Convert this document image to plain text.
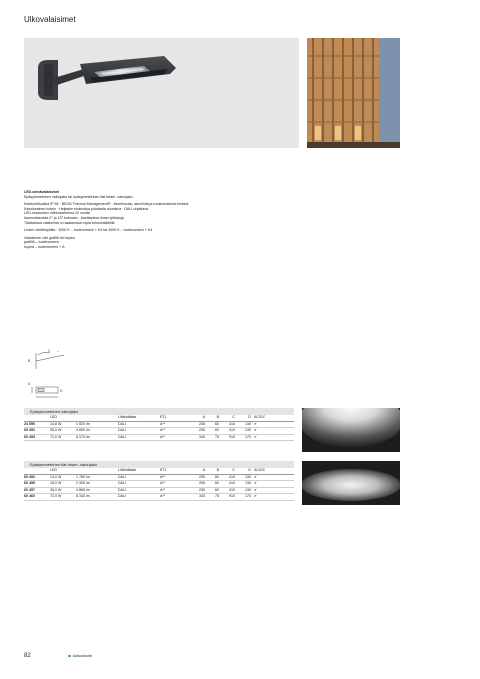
Ulkovalaisimet

LED-seinävalaisimet

Epäsymmetrinen valonjako tai epäsymmetrinen flat beam -valonjako

Kotelointiluokka IP 66 · BEGA Thermal Management® · Alumiinivalu, alumiinia ja ruostumatonta terästä

Kaksiosainen kotelo · Heijastin eloksoitua puhdasta alumiinia · DALI-ohjattava

LED-moduulien vaihtoasetelma 20 vuotta

Asennettavissa 0° ja 15° kulmaan · Asettavissa ilman työkaluja

Tilattavissa valaisimia on saatavissa myös tehonsäädöllä

Leden värilämpötila · 3000 K – tuotenumero + K3 tai 4000 K – tuotenumero + K4

Valaisimen väri grafitti tai hopea

grafiitti – tuotenumero

hopea – tuotenumero + A

C –
B
A
D
Epäsymmetrinen valonjako
	LED		Liitäntäkate	ETL	A	B	C	D	AC/DC

24 550	14,8 W	1 820 lm	DALI	A**	255	60	410	130	✔
60 451	35,0 W	4 650 lm	DALI	A**	255	60	410	130	✔
60 453	72,0 W	8 070 lm	DALI	A**	340	75	910	170	✔
Epäsymmetrinen flat beam -valonjako
	LED		Liitäntäkate	ETL	A	B	C	D	AC/DC
60 452	14,0 W	1 780 lm	DALI	A**	255	60	410	130	✔
60 455	18,0 W	2 305 lm	DALI	A**	255	60	410	130	✔
60 457	35,0 W	4 865 lm	DALI	A**	255	60	410	130	✔
60 460	72,0 W	8 340 lm	DALI	A**	340	75	910	170	✔
82	Uutuustuote
